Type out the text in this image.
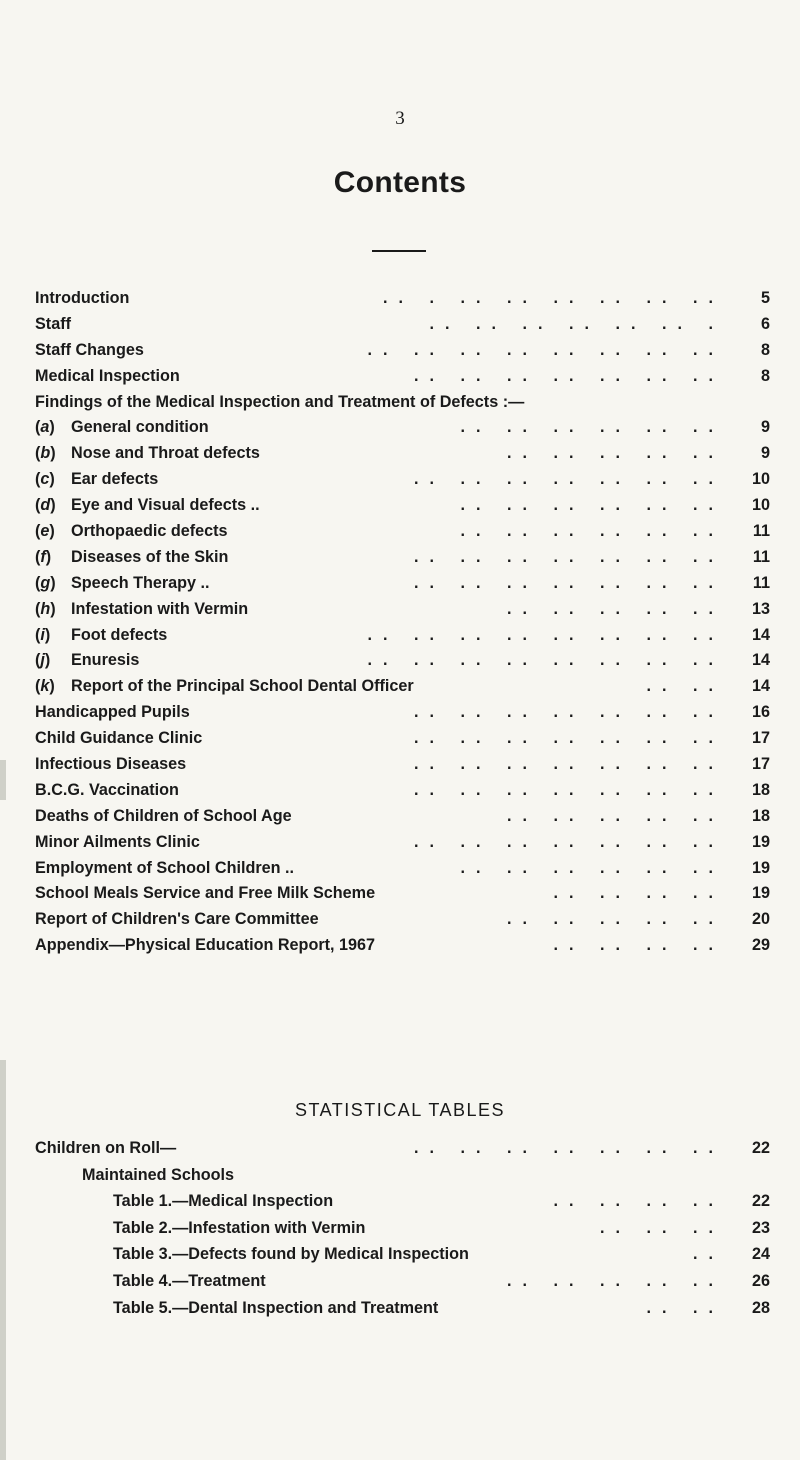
3
Contents
Introduction	.. . .. .. .. .. .. ..	5
Staff	.. .. .. .. .. .. .	6
Staff Changes	.. .. .. .. .. .. .. ..	8
Medical Inspection	.. .. .. .. .. .. ..	8
Findings of the Medical Inspection and Treatment of Defects :—
(a) General condition	.. .. .. .. .. ..	9
(b) Nose and Throat defects	.. .. .. .. ..	9
(c) Ear defects	.. .. .. .. .. .. ..	10
(d) Eye and Visual defects ..	.. .. .. .. .. ..	10
(e) Orthopaedic defects	.. .. .. .. .. ..	11
(f) Diseases of the Skin	.. .. .. .. .. .. ..	11
(g) Speech Therapy ..	.. .. .. .. .. .. ..	11
(h) Infestation with Vermin	.. .. .. .. ..	13
(i) Foot defects	.. .. .. .. .. .. .. ..	14
(j) Enuresis	.. .. .. .. .. .. .. ..	14
(k) Report of the Principal School Dental Officer	.. ..	14
Handicapped Pupils	.. .. .. .. .. .. ..	16
Child Guidance Clinic	.. .. .. .. .. .. ..	17
Infectious Diseases	.. .. .. .. .. .. ..	17
B.C.G. Vaccination	.. .. .. .. .. .. ..	18
Deaths of Children of School Age	.. .. .. .. ..	18
Minor Ailments Clinic	.. .. .. .. .. .. ..	19
Employment of School Children ..	.. .. .. .. .. ..	19
School Meals Service and Free Milk Scheme	.. .. .. ..	19
Report of Children's Care Committee	.. .. .. .. ..	20
Appendix—Physical Education Report, 1967	.. .. .. ..	29
STATISTICAL TABLES
Children on Roll—	.. .. .. .. .. .. ..	22
Maintained Schools
Table 1.—Medical Inspection	.. .. .. ..	22
Table 2.—Infestation with Vermin	.. .. ..	23
Table 3.—Defects found by Medical Inspection	..	24
Table 4.—Treatment	.. .. .. .. ..	26
Table 5.—Dental Inspection and Treatment	.. ..	28
